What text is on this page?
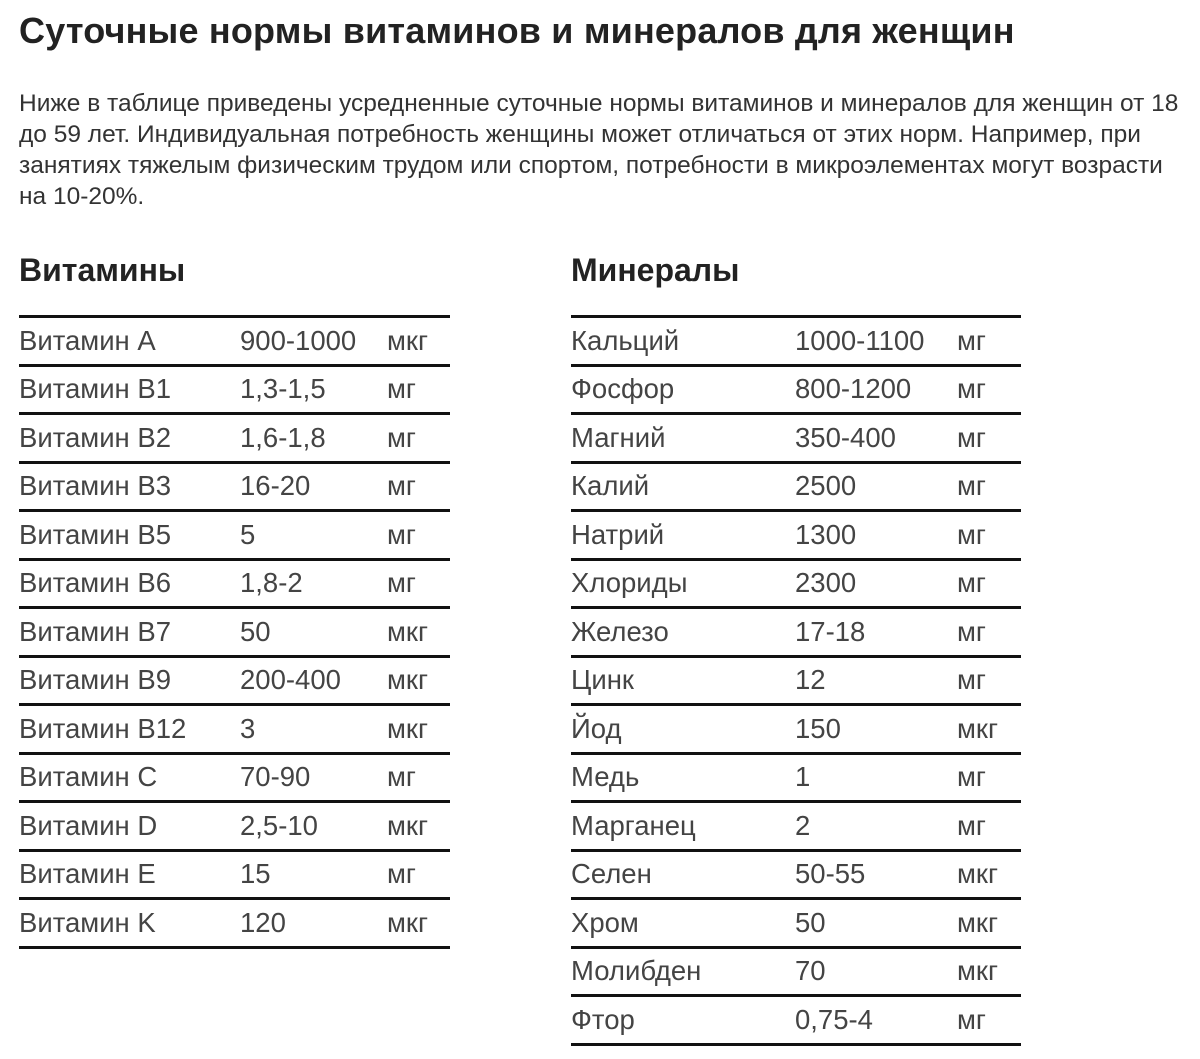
Суточные нормы витаминов и минералов для женщин

Ниже в таблице приведены усредненные суточные нормы витаминов и минералов для женщин от 18 до 59 лет. Индивидуальная потребность женщины может отличаться от этих норм. Например, при занятиях тяжелым физическим трудом или спортом, потребности в микроэлементах могут возрасти на 10-20%.

Витамины
Витамин A	900-1000	мкг
Витамин B1	1,3-1,5	мг
Витамин B2	1,6-1,8	мг
Витамин B3	16-20	мг
Витамин B5	5	мг
Витамин B6	1,8-2	мг
Витамин B7	50	мкг
Витамин B9	200-400	мкг
Витамин B12	3	мкг
Витамин C	70-90	мг
Витамин D	2,5-10	мкг
Витамин E	15	мг
Витамин K	120	мкг
Минералы
Кальций	1000-1100	мг
Фосфор	800-1200	мг
Магний	350-400	мг
Калий	2500	мг
Натрий	1300	мг
Хлориды	2300	мг
Железо	17-18	мг
Цинк	12	мг
Йод	150	мкг
Медь	1	мг
Марганец	2	мг
Селен	50-55	мкг
Хром	50	мкг
Молибден	70	мкг
Фтор	0,75-4	мг
